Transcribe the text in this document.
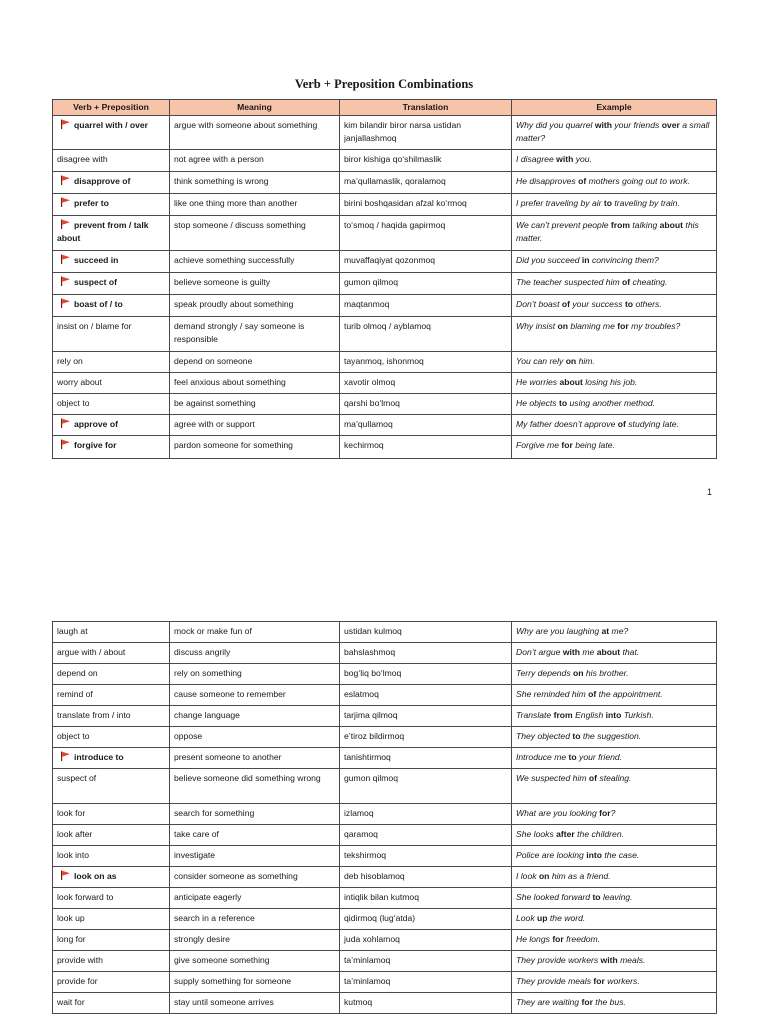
Verb + Preposition Combinations
Verb + Preposition	Meaning	Translation	Example
quarrel with / over	argue with someone about something	kim bilandir biror narsa ustidan janjallashmoq	Why did you quarrel with your friends over a small matter?
disagree with	not agree with a person	biror kishiga qo‘shilmaslik	I disagree with you.
disapprove of	think something is wrong	ma’qullamaslik, qoralamoq	He disapproves of mothers going out to work.
prefer to	like one thing more than another	birini boshqasidan afzal ko‘rmoq	I prefer traveling by air to traveling by train.
prevent from / talk about	stop someone / discuss something	to‘smoq / haqida gapirmoq	We can’t prevent people from talking about this matter.
succeed in	achieve something successfully	muvaffaqiyat qozonmoq	Did you succeed in convincing them?
suspect of	believe someone is guilty	gumon qilmoq	The teacher suspected him of cheating.
boast of / to	speak proudly about something	maqtanmoq	Don’t boast of your success to others.
insist on / blame for	demand strongly / say someone is responsible	turib olmoq / ayblamoq	Why insist on blaming me for my troubles?
rely on	depend on someone	tayanmoq, ishonmoq	You can rely on him.
worry about	feel anxious about something	xavotir olmoq	He worries about losing his job.
object to	be against something	qarshi bo‘lmoq	He objects to using another method.
approve of	agree with or support	ma’qullamoq	My father doesn’t approve of studying late.
forgive for	pardon someone for something	kechirmoq	Forgive me for being late.
1
laugh at	mock or make fun of	ustidan kulmoq	Why are you laughing at me?
argue with / about	discuss angrily	bahslashmoq	Don’t argue with me about that.
depend on	rely on something	bog‘liq bo‘lmoq	Terry depends on his brother.
remind of	cause someone to remember	eslatmoq	She reminded him of the appointment.
translate from / into	change language	tarjima qilmoq	Translate from English into Turkish.
object to	oppose	e’tiroz bildirmoq	They objected to the suggestion.
introduce to	present someone to another	tanishtirmoq	Introduce me to your friend.
suspect of	believe someone did something wrong	gumon qilmoq	We suspected him of stealing.
look for	search for something	izlamoq	What are you looking for?
look after	take care of	qaramoq	She looks after the children.
look into	investigate	tekshirmoq	Police are looking into the case.
look on as	consider someone as something	deb hisoblamoq	I look on him as a friend.
look forward to	anticipate eagerly	intiqlik bilan kutmoq	She looked forward to leaving.
look up	search in a reference	qidirmoq (lug‘atda)	Look up the word.
long for	strongly desire	juda xohlamoq	He longs for freedom.
provide with	give someone something	ta’minlamoq	They provide workers with meals.
provide for	supply something for someone	ta’minlamoq	They provide meals for workers.
wait for	stay until someone arrives	kutmoq	They are waiting for the bus.
